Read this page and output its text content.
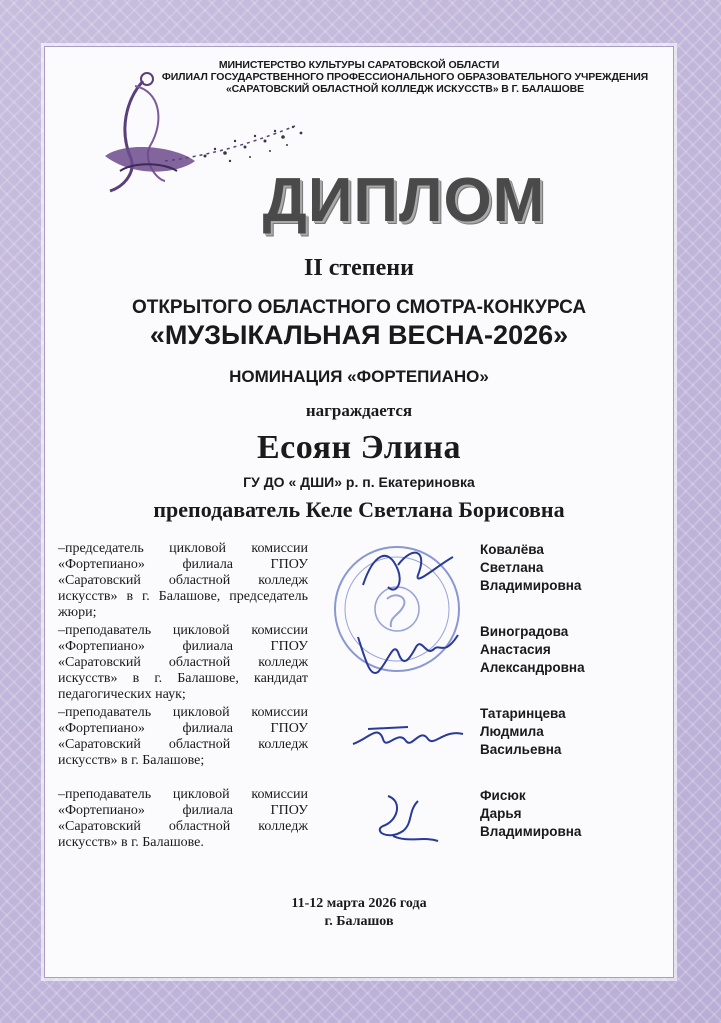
МИНИСТЕРСТВО КУЛЬТУРЫ САРАТОВСКОЙ ОБЛАСТИ
ФИЛИАЛ ГОСУДАРСТВЕННОГО ПРОФЕССИОНАЛЬНОГО ОБРАЗОВАТЕЛЬНОГО УЧРЕЖДЕНИЯ
«САРАТОВСКИЙ ОБЛАСТНОЙ КОЛЛЕДЖ ИСКУССТВ» В Г. БАЛАШОВЕ
ДИПЛОМ
II степени
ОТКРЫТОГО ОБЛАСТНОГО СМОТРА-КОНКУРСА
«МУЗЫКАЛЬНАЯ ВЕСНА-2026»
НОМИНАЦИЯ «ФОРТЕПИАНО»
награждается
Есоян Элина
ГУ ДО « ДШИ» р. п. Екатериновка
преподаватель Келе Светлана Борисовна
–председатель цикловой комиссии «Фортепиано» филиала ГПОУ «Саратовский областной колледж искусств» в г. Балашове, председатель жюри;
Ковалёва
Светлана
Владимировна
–преподаватель цикловой комиссии «Фортепиано» филиала ГПОУ «Саратовский областной колледж искусств» в г. Балашове, кандидат педагогических наук;
Виноградова
Анастасия
Александровна
–преподаватель цикловой комиссии «Фортепиано» филиала ГПОУ «Саратовский областной колледж искусств» в г. Балашове;
Татаринцева
Людмила
Васильевна
–преподаватель цикловой комиссии «Фортепиано» филиала ГПОУ «Саратовский областной колледж искусств» в г. Балашове.
Фисюк
Дарья
Владимировна
11-12 марта 2026 года
г. Балашов
